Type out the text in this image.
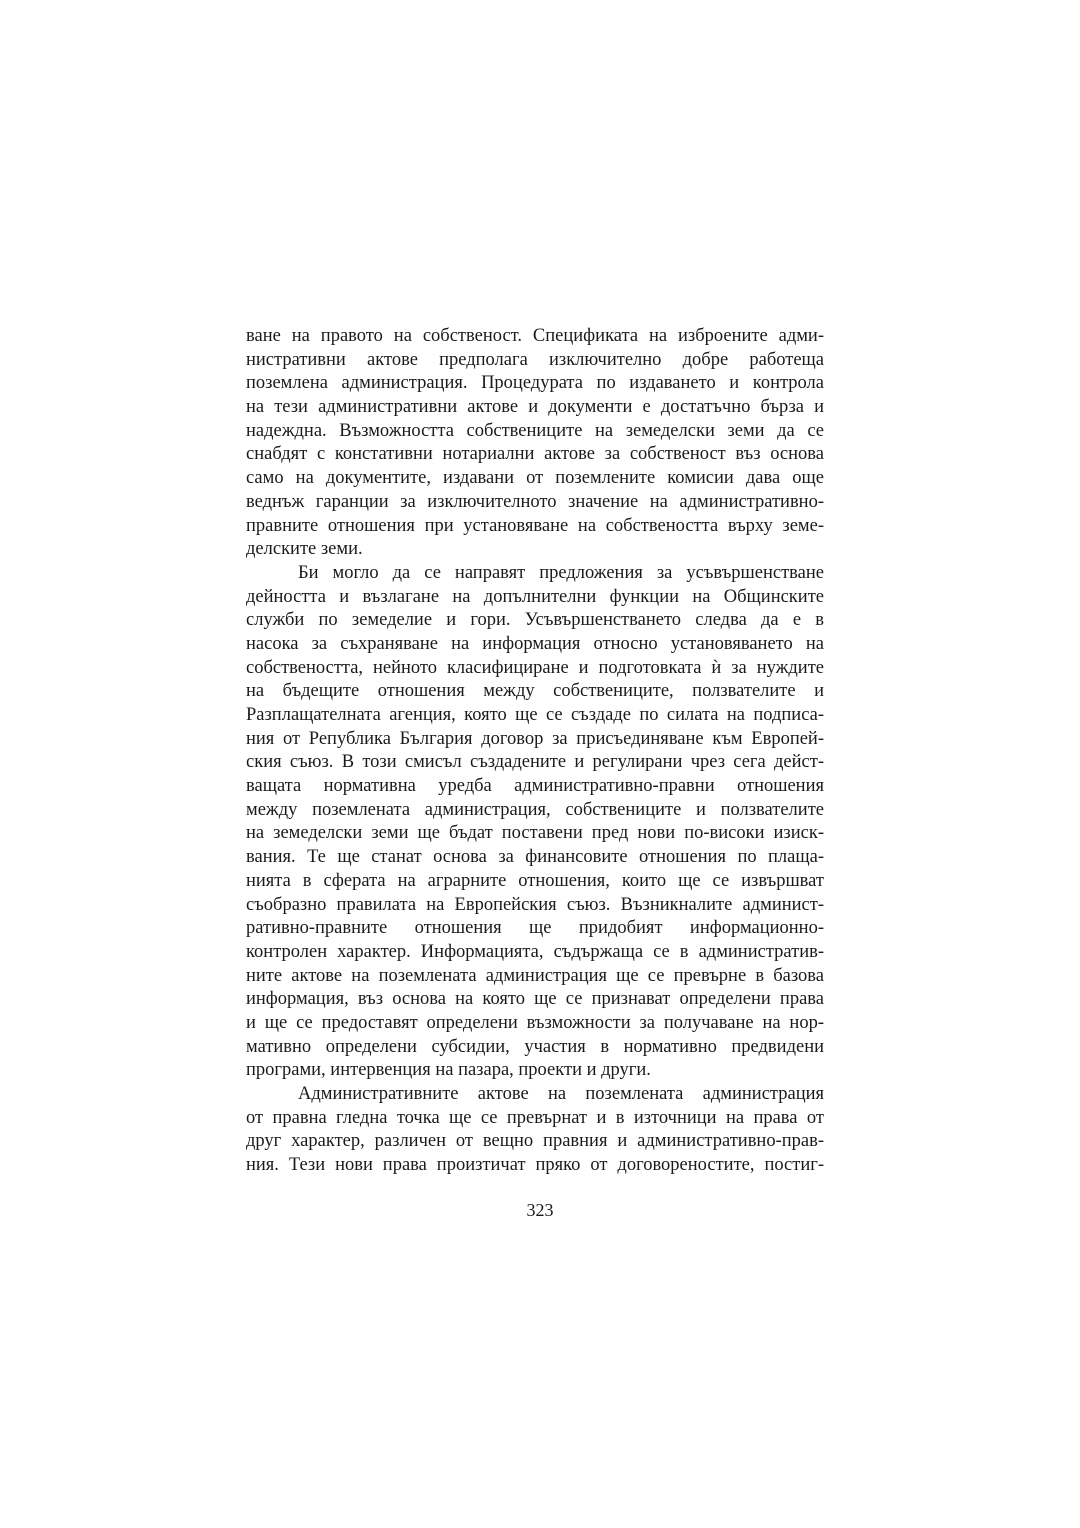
ване на правото на собственост. Спецификата на изброените адми-
нистративни актове предполага изключително добре работеща
поземлена администрация. Процедурата по издаването и контрола
на тези административни актове и документи е достатъчно бърза и
надеждна. Възможността собствениците на земеделски земи да се
снабдят с констативни нотариални актове за собственост въз основа
само на документите, издавани от поземлените комисии дава още
веднъж гаранции за изключителното значение на административно-
правните отношения при установяване на собствеността върху земе-
делските земи.
Би могло да се направят предложения за усъвършенстване
дейността и възлагане на допълнителни функции на Общинските
служби по земеделие и гори. Усъвършенстването следва да е в
насока за съхраняване на информация относно установяването на
собствеността, нейното класифициране и подготовката ѝ за нуждите
на бъдещите отношения между собствениците, ползвателите и
Разплащателната агенция, която ще се създаде по силата на подписа-
ния от Република България договор за присъединяване към Европей-
ския съюз. В този смисъл създадените и регулирани чрез сега дейст-
ващата нормативна уредба административно-правни отношения
между поземлената администрация, собствениците и ползвателите
на земеделски земи ще бъдат поставени пред нови по-високи изиск-
вания. Те ще станат основа за финансовите отношения по плаща-
нията в сферата на аграрните отношения, които ще се извършват
съобразно правилата на Европейския съюз. Възникналите админист-
ративно-правните отношения ще придобият информационно-
контролен характер. Информацията, съдържаща се в административ-
ните актове на поземлената администрация ще се превърне в базова
информация, въз основа на която ще се признават определени права
и ще се предоставят определени възможности за получаване на нор-
мативно определени субсидии, участия в нормативно предвидени
програми, интервенция на пазара, проекти и други.
Административните актове на поземлената администрация
от правна гледна точка ще се превърнат и в източници на права от
друг характер, различен от вещно правния и административно-прав-
ния. Тези нови права произтичат пряко от договореностите, постиг-
323
